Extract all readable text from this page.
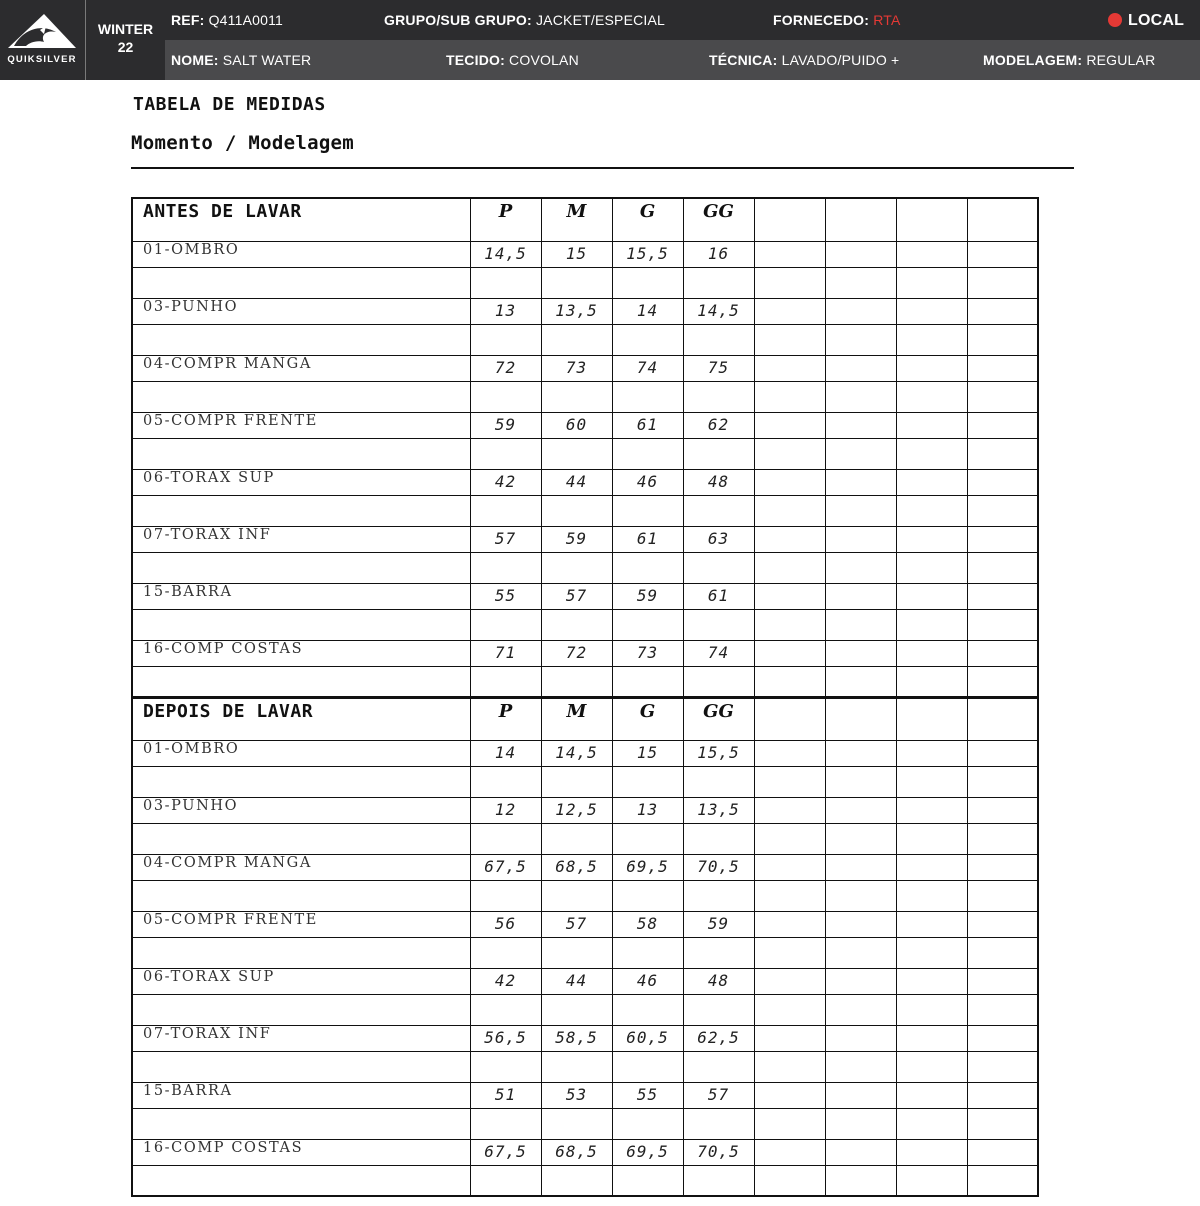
QUIKSILVER
WINTER
22
REF: Q411A0011	GRUPO/SUB GRUPO: JACKET/ESPECIAL	FORNECEDO: RTA	LOCAL
NOME: SALT WATER	TECIDO: COVOLAN	TÉCNICA: LAVADO/PUIDO +	MODELAGEM: REGULAR
TABELA DE MEDIDAS
Momento / Modelagem
ANTES DE LAVAR	P	M	G	GG				
01-OMBRO	14,5	15	15,5	16				

03-PUNHO	13	13,5	14	14,5				

04-COMPR MANGA	72	73	74	75				

05-COMPR FRENTE	59	60	61	62				

06-TORAX SUP	42	44	46	48				

07-TORAX INF	57	59	61	63				

15-BARRA	55	57	59	61				

16-COMP COSTAS	71	72	73	74				

DEPOIS DE LAVAR	P	M	G	GG				
01-OMBRO	14	14,5	15	15,5				

03-PUNHO	12	12,5	13	13,5				

04-COMPR MANGA	67,5	68,5	69,5	70,5				

05-COMPR FRENTE	56	57	58	59				

06-TORAX SUP	42	44	46	48				

07-TORAX INF	56,5	58,5	60,5	62,5				

15-BARRA	51	53	55	57				

16-COMP COSTAS	67,5	68,5	69,5	70,5				
